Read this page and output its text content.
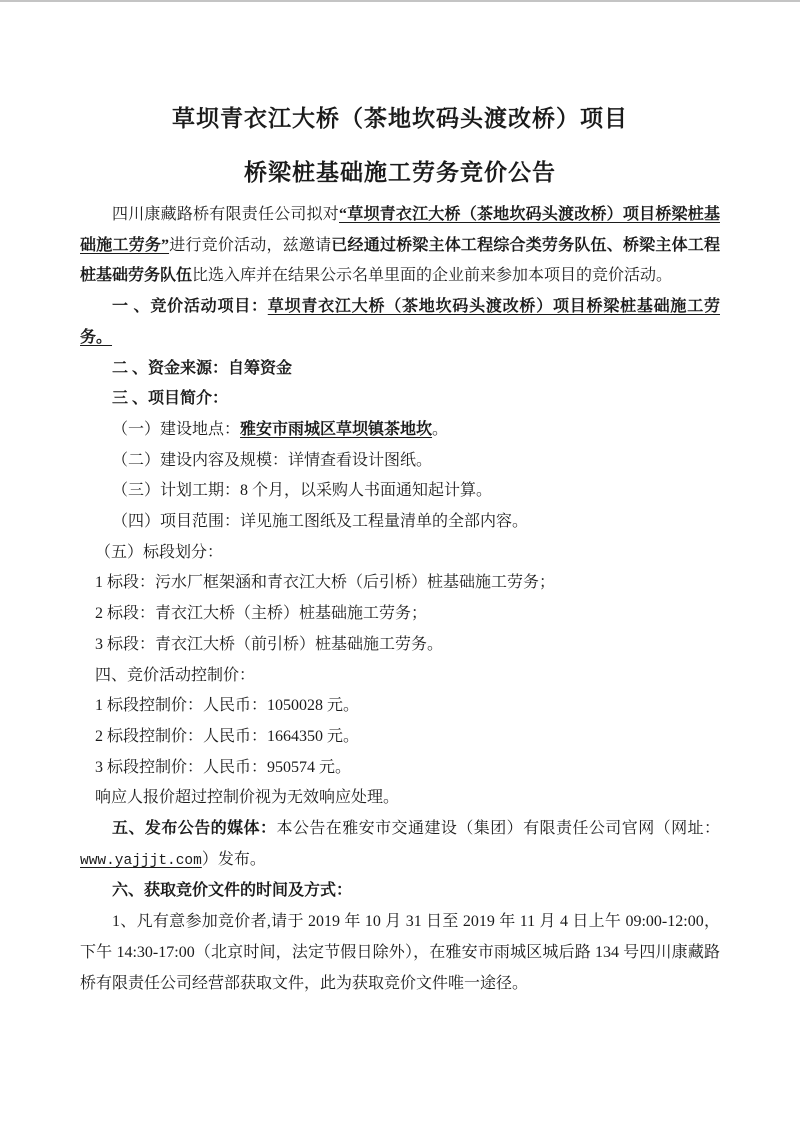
草坝青衣江大桥（茶地坎码头渡改桥）项目
桥梁桩基础施工劳务竞价公告
四川康藏路桥有限责任公司拟对“草坝青衣江大桥（茶地坎码头渡改桥）项目桥梁桩基础施工劳务”进行竞价活动，兹邀请已经通过桥梁主体工程综合类劳务队伍、桥梁主体工程桩基础劳务队伍比选入库并在结果公示名单里面的企业前来参加本项目的竞价活动。
一 、竞价活动项目：草坝青衣江大桥（茶地坎码头渡改桥）项目桥梁桩基础施工劳务。
二 、资金来源：自筹资金
三 、项目简介：
（一）建设地点：雅安市雨城区草坝镇茶地坎。
（二）建设内容及规模：详情查看设计图纸。
（三）计划工期：8 个月，以采购人书面通知起计算。
（四）项目范围：详见施工图纸及工程量清单的全部内容。
（五）标段划分：
1 标段：污水厂框架涵和青衣江大桥（后引桥）桩基础施工劳务；
2 标段：青衣江大桥（主桥）桩基础施工劳务；
3 标段：青衣江大桥（前引桥）桩基础施工劳务。
四、竞价活动控制价：
1 标段控制价：人民币：1050028 元。
2 标段控制价：人民币：1664350 元。
3 标段控制价：人民币：950574 元。
响应人报价超过控制价视为无效响应处理。
五、发布公告的媒体：本公告在雅安市交通建设（集团）有限责任公司官网（网址：www.yajjjt.com）发布。
六、获取竞价文件的时间及方式：
1、凡有意参加竞价者,请于 2019 年 10 月 31 日至 2019 年 11 月 4 日上午 09:00-12:00，下午 14:30-17:00（北京时间，法定节假日除外），在雅安市雨城区城后路 134 号四川康藏路桥有限责任公司经营部获取文件，此为获取竞价文件唯一途径。
